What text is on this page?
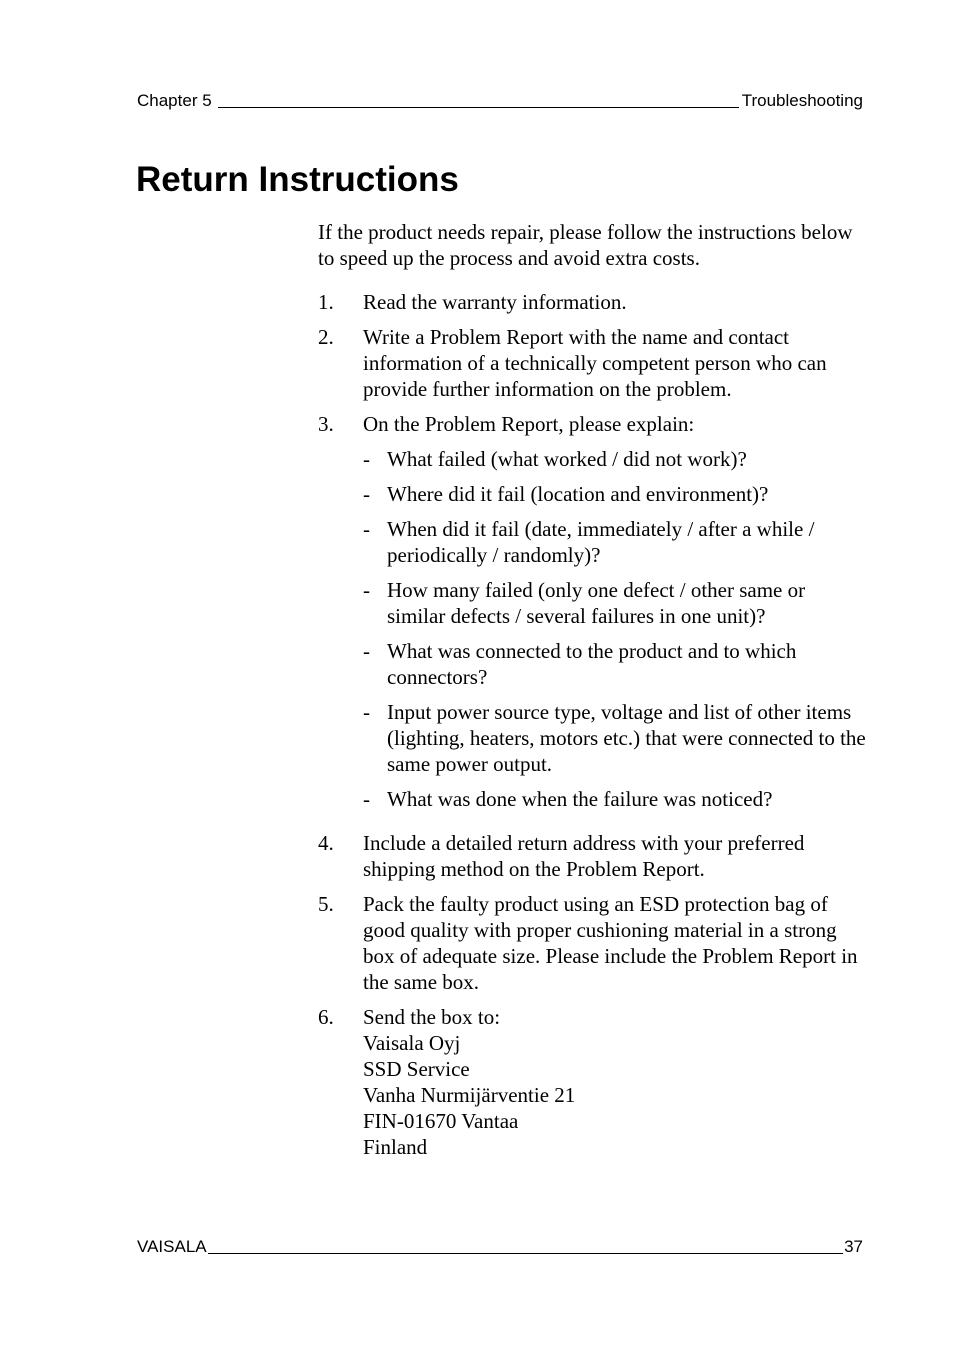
Chapter 5	Troubleshooting
Return Instructions

If the product needs repair, please follow the instructions below to speed up the process and avoid extra costs.

1.	Read the warranty information.
2.	Write a Problem Report with the name and contact information of a technically competent person who can provide further information on the problem.
3.	On the Problem Report, please explain:
- What failed (what worked / did not work)?
- Where did it fail (location and environment)?
- When did it fail (date, immediately / after a while / periodically / randomly)?
- How many failed (only one defect / other same or similar defects / several failures in one unit)?
- What was connected to the product and to which connectors?
- Input power source type, voltage and list of other items (lighting, heaters, motors etc.) that were connected to the same power output.
- What was done when the failure was noticed?
4.	Include a detailed return address with your preferred shipping method on the Problem Report.
5.	Pack the faulty product using an ESD protection bag of good quality with proper cushioning material in a strong box of adequate size. Please include the Problem Report in the same box.
6.	Send the box to:
Vaisala Oyj
SSD Service
Vanha Nurmijärventie 21
FIN-01670 Vantaa
Finland
VAISALA	37
